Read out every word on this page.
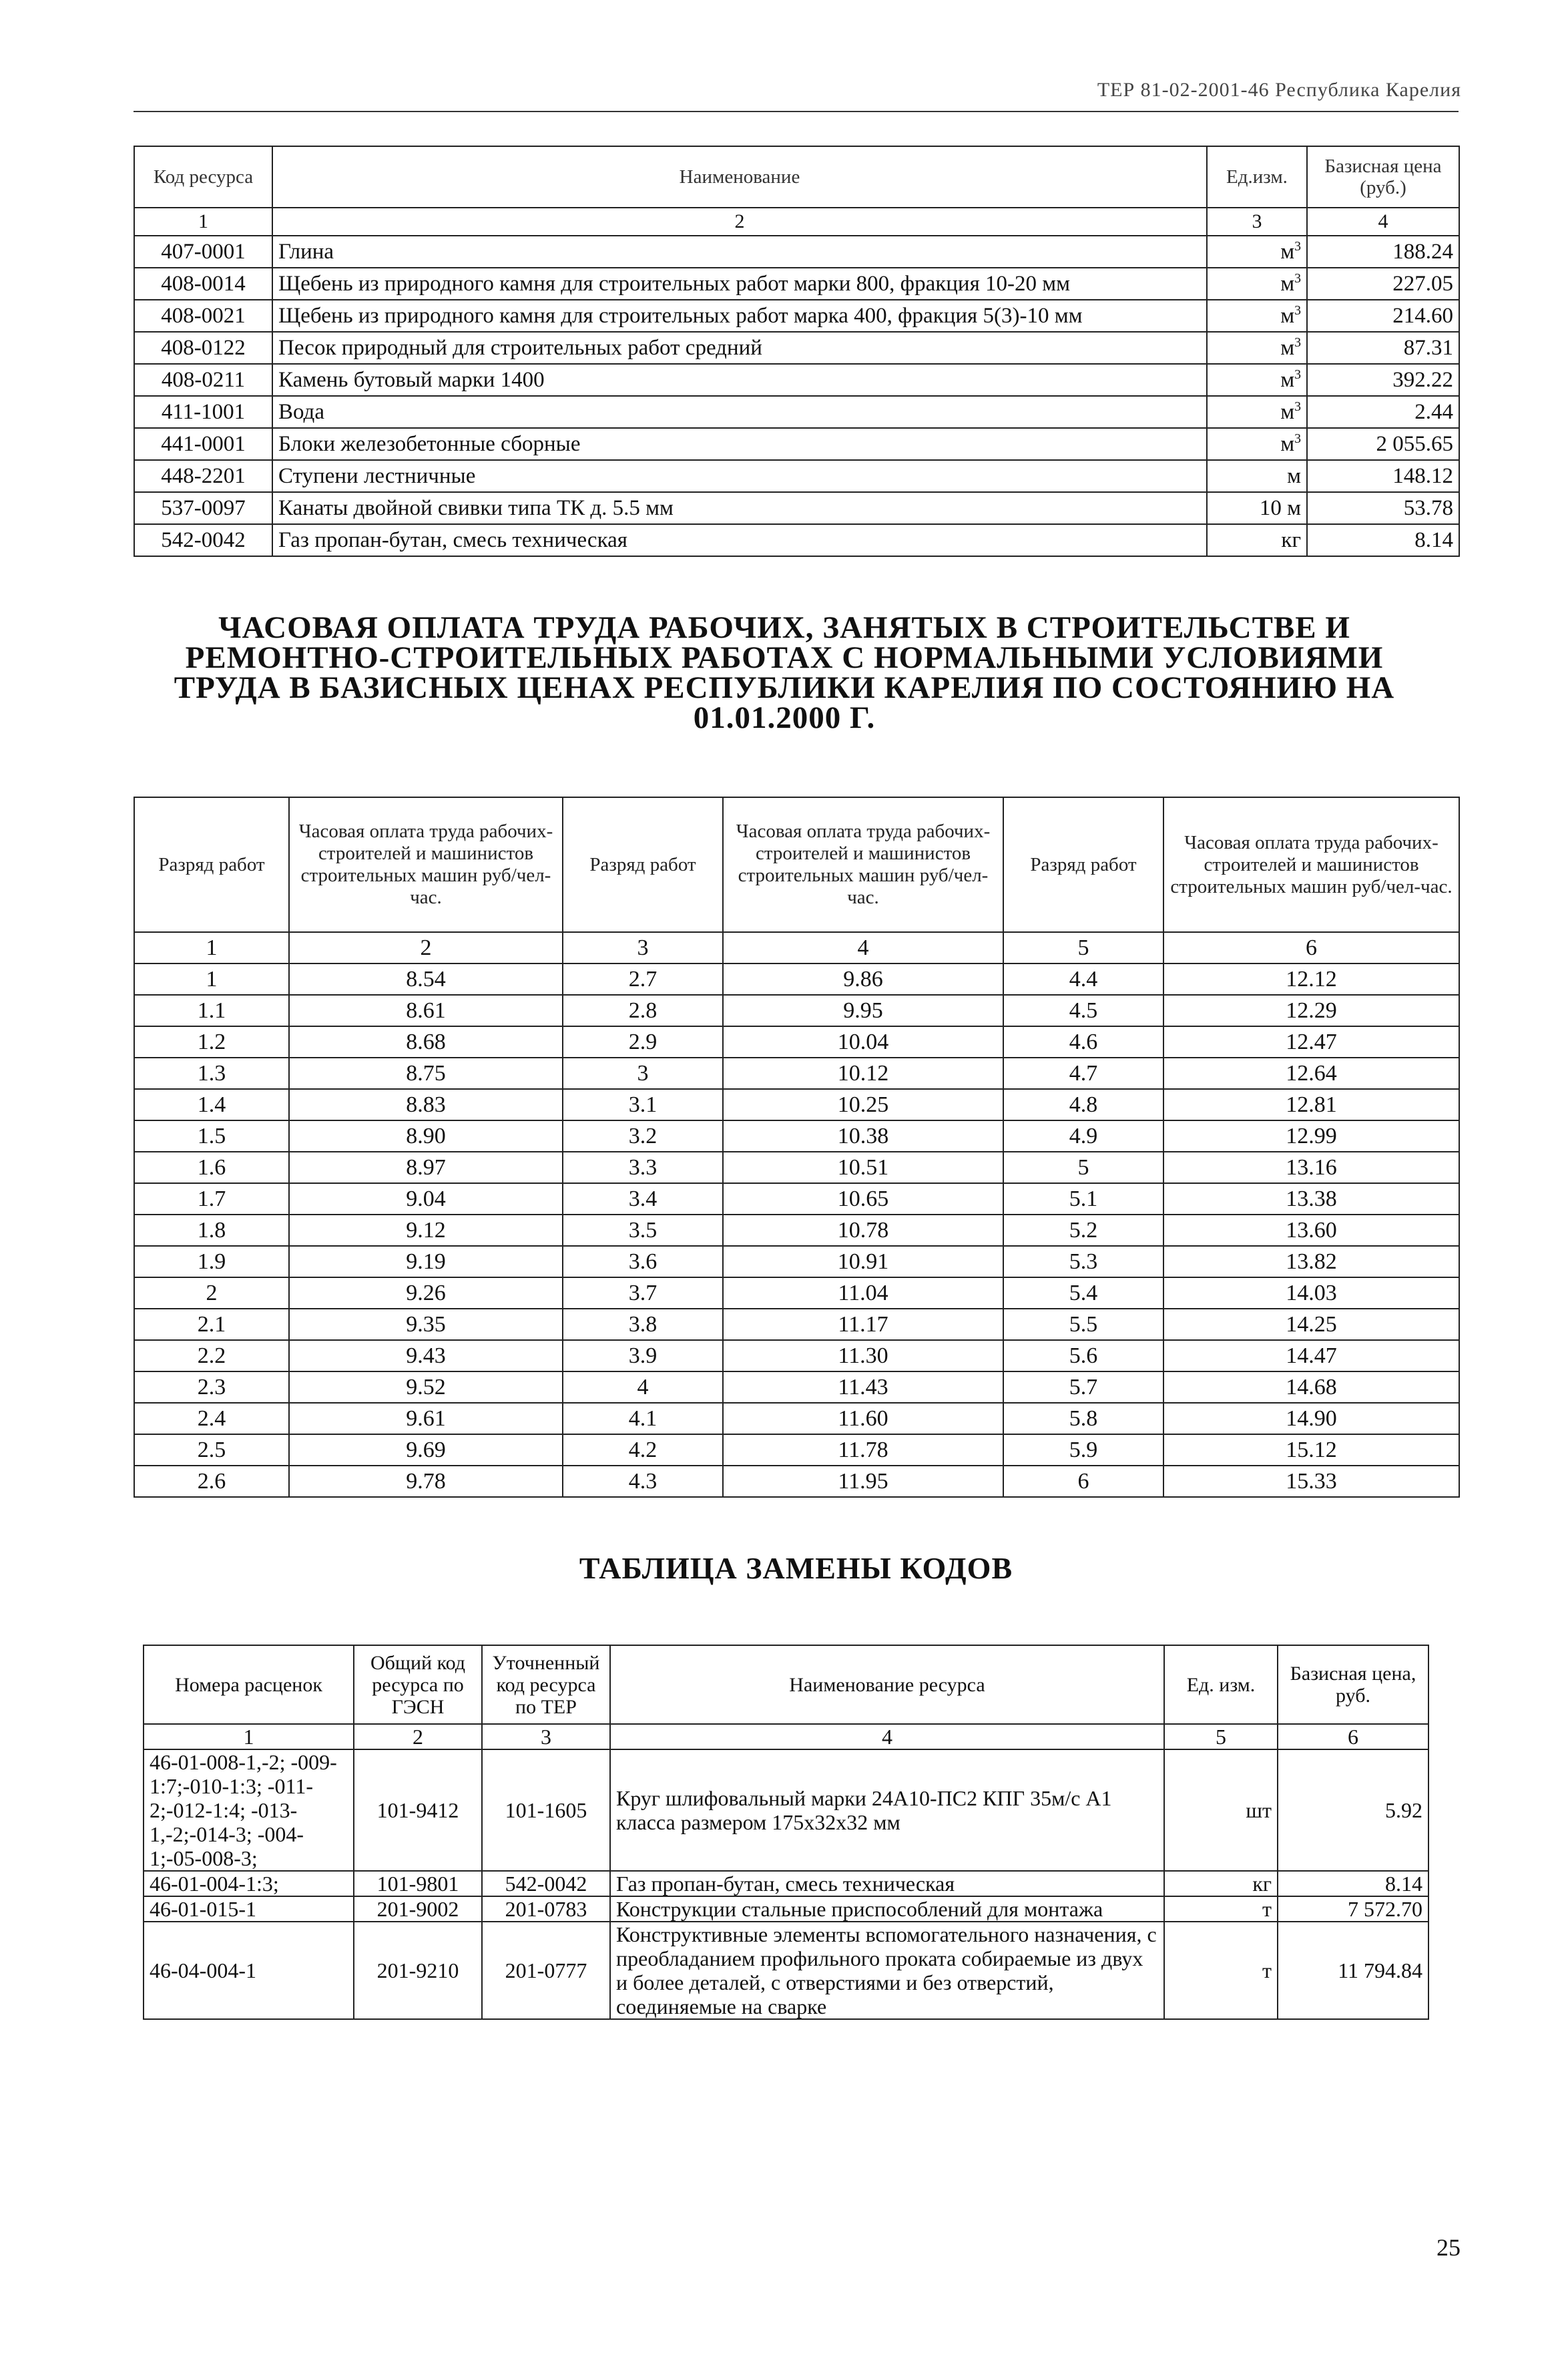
ТЕР 81-02-2001-46 Республика Карелия
Код ресурса	Наименование	Ед.изм.	Базисная цена (руб.)
1	2	3	4
407-0001	Глина	$м^3$	188.24
408-0014	Щебень из природного камня для строительных работ марки 800, фракция 10-20 мм	$м^3$	227.05
408-0021	Щебень из природного камня для строительных работ марка 400, фракция 5(3)-10 мм	$м^3$	214.60
408-0122	Песок природный для строительных работ средний	$м^3$	87.31
408-0211	Камень бутовый марки 1400	$м^3$	392.22
411-1001	Вода	$м^3$	2.44
441-0001	Блоки железобетонные сборные	$м^3$	2 055.65
448-2201	Ступени лестничные	м	148.12
537-0097	Канаты двойной свивки типа ТК д. 5.5 мм	10 м	53.78
542-0042	Газ пропан-бутан, смесь техническая	кг	8.14
ЧАСОВАЯ ОПЛАТА ТРУДА РАБОЧИХ, ЗАНЯТЫХ В СТРОИТЕЛЬСТВЕ И РЕМОНТНО-СТРОИТЕЛЬНЫХ РАБОТАХ С НОРМАЛЬНЫМИ УСЛОВИЯМИ ТРУДА В БАЗИСНЫХ ЦЕНАХ РЕСПУБЛИКИ КАРЕЛИЯ ПО СОСТОЯНИЮ НА 01.01.2000 Г.
Разряд работ	Часовая оплата труда рабочих-строителей и машинистов строительных машин руб/чел-час.	Разряд работ	Часовая оплата труда рабочих-строителей и машинистов строительных машин руб/чел-час.	Разряд работ	Часовая оплата труда рабочих-строителей и машинистов строительных машин руб/чел-час.
1	2	3	4	5	6
1	8.54	2.7	9.86	4.4	12.12
1.1	8.61	2.8	9.95	4.5	12.29
1.2	8.68	2.9	10.04	4.6	12.47
1.3	8.75	3	10.12	4.7	12.64
1.4	8.83	3.1	10.25	4.8	12.81
1.5	8.90	3.2	10.38	4.9	12.99
1.6	8.97	3.3	10.51	5	13.16
1.7	9.04	3.4	10.65	5.1	13.38
1.8	9.12	3.5	10.78	5.2	13.60
1.9	9.19	3.6	10.91	5.3	13.82
2	9.26	3.7	11.04	5.4	14.03
2.1	9.35	3.8	11.17	5.5	14.25
2.2	9.43	3.9	11.30	5.6	14.47
2.3	9.52	4	11.43	5.7	14.68
2.4	9.61	4.1	11.60	5.8	14.90
2.5	9.69	4.2	11.78	5.9	15.12
2.6	9.78	4.3	11.95	6	15.33
ТАБЛИЦА ЗАМЕНЫ КОДОВ
Номера расценок	Общий код ресурса по ГЭСН	Уточненный код ресурса по ТЕР	Наименование ресурса	Ед. изм.	Базисная цена, руб.
1	2	3	4	5	6
46-01-008-1,-2; -009-1:7;-010-1:3; -011-2;-012-1:4; -013-1,-2;-014-3; -004-1;-05-008-3;	101-9412	101-1605	Круг шлифовальный марки 24А10-ПС2 КПГ 35м/с А1 класса размером 175х32х32 мм	шт	5.92
46-01-004-1:3;	101-9801	542-0042	Газ пропан-бутан, смесь техническая	кг	8.14
46-01-015-1	201-9002	201-0783	Конструкции стальные приспособлений для монтажа	т	7 572.70
46-04-004-1	201-9210	201-0777	Конструктивные элементы вспомогательного назначения, с преобладанием профильного проката собираемые из двух и более деталей, с отверстиями и без отверстий, соединяемые на сварке	т	11 794.84
25
